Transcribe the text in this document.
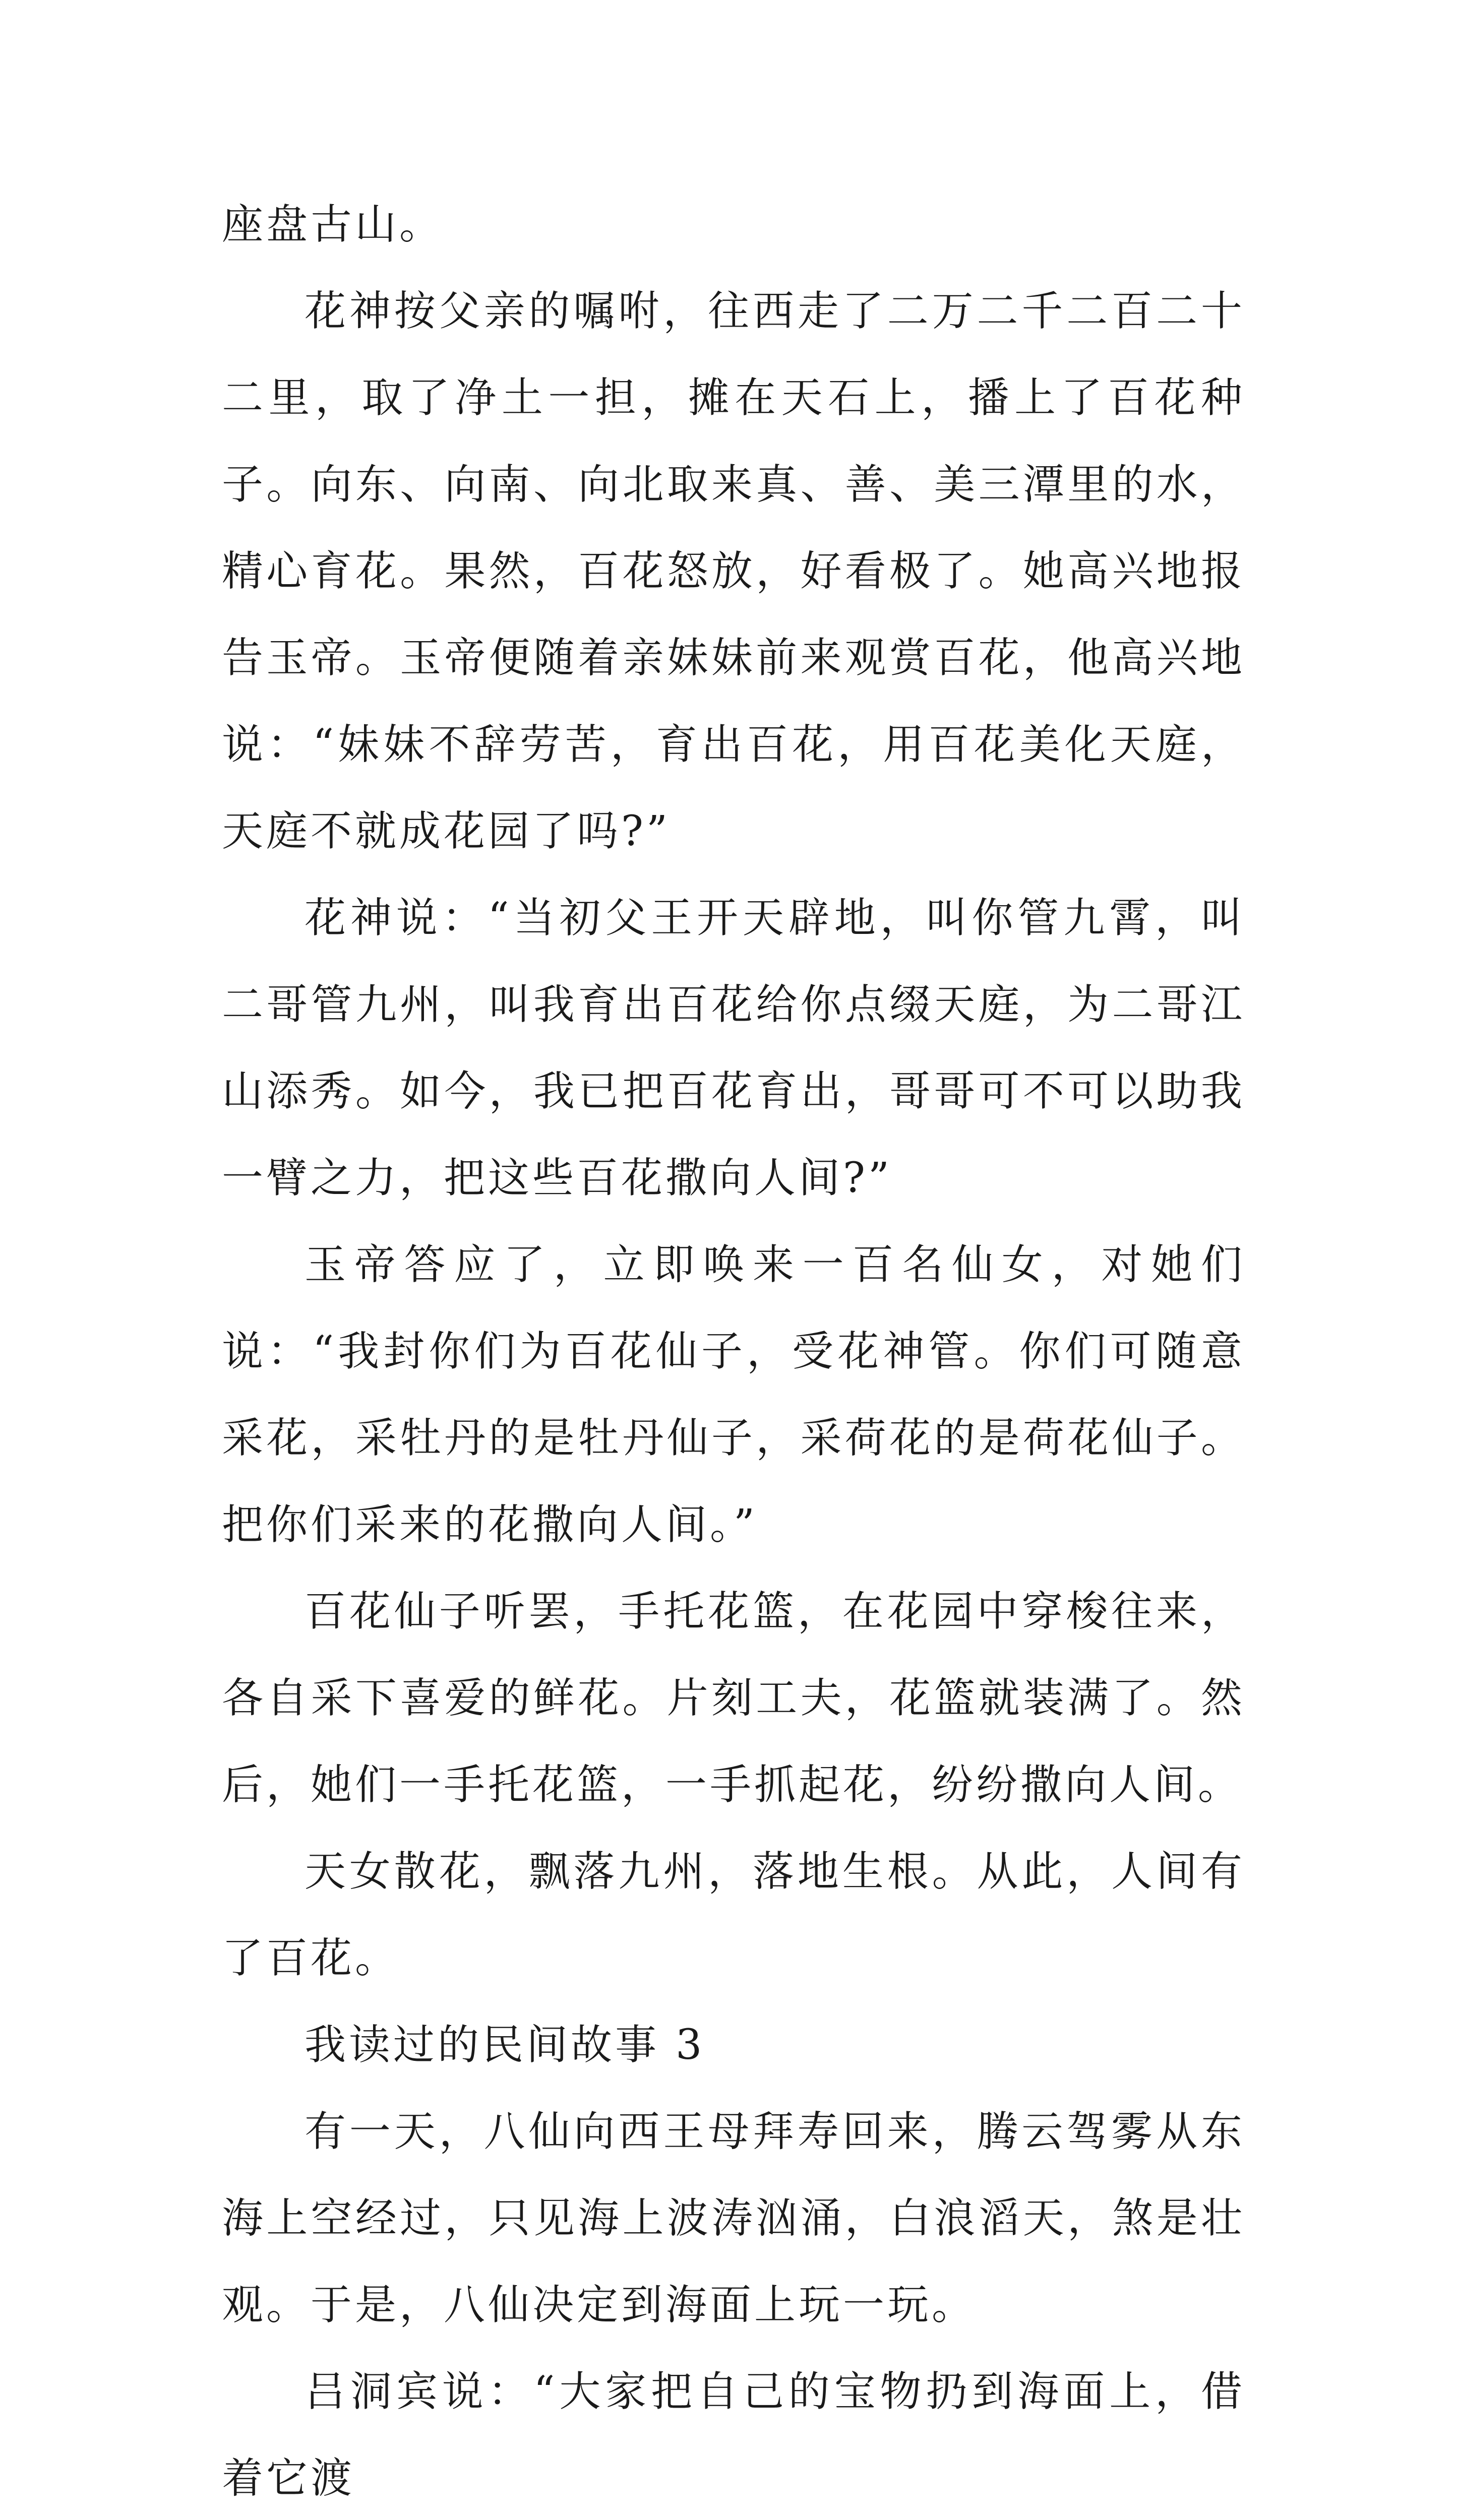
座盘古山。

花神按父亲的嘱咐，往西走了二万二千二百二十二里，取了净土一担，摊在天石上，播上了百花种子。向东、向南、向北取来真、善、美三潭里的水，精心育花。果然，百花怒放，好看极了。她高兴地报告玉帝。玉帝便随着亲妹妹前来观赏百花，他高兴地说：“妹妹不辞劳苦，育出百花，用百花美化天庭，天庭不就成花园了吗?”

花神说：“当初父王开天辟地，叫你管九霄，叫二哥管九州，叫我育出百花给你点缀天庭，为二哥江山添秀。如今，我已把百花育出，哥哥可不可以助我一臂之力，把这些百花撒向人间?”

玉帝答应了，立即唤来一百名仙女，对她们说：“我封你们为百花仙子，受花神管。你们可随意采花，采牡丹的是牡丹仙子，采荷花的是荷花仙子。把你们采来的花撒向人间。”

百花仙子听罢，手托花篮，在花园中穿梭往来，各自采下喜爱的鲜花。片刻工夫，花篮就装满了。然后，她们一手托花篮，一手抓起花，纷纷撒向人间。

天女散花，飘落九州，落地生根。从此，人间有了百花。

我读过的民间故事 3

有一天，八仙向西王母拜寿回来，腾云驾雾从东海上空经过，只见海上波涛汹涌，白浪滔天，煞是壮观。于是，八仙决定到海面上玩一玩。

吕洞宾说：“大家把自己的宝物扔到海面上，借着它渡
